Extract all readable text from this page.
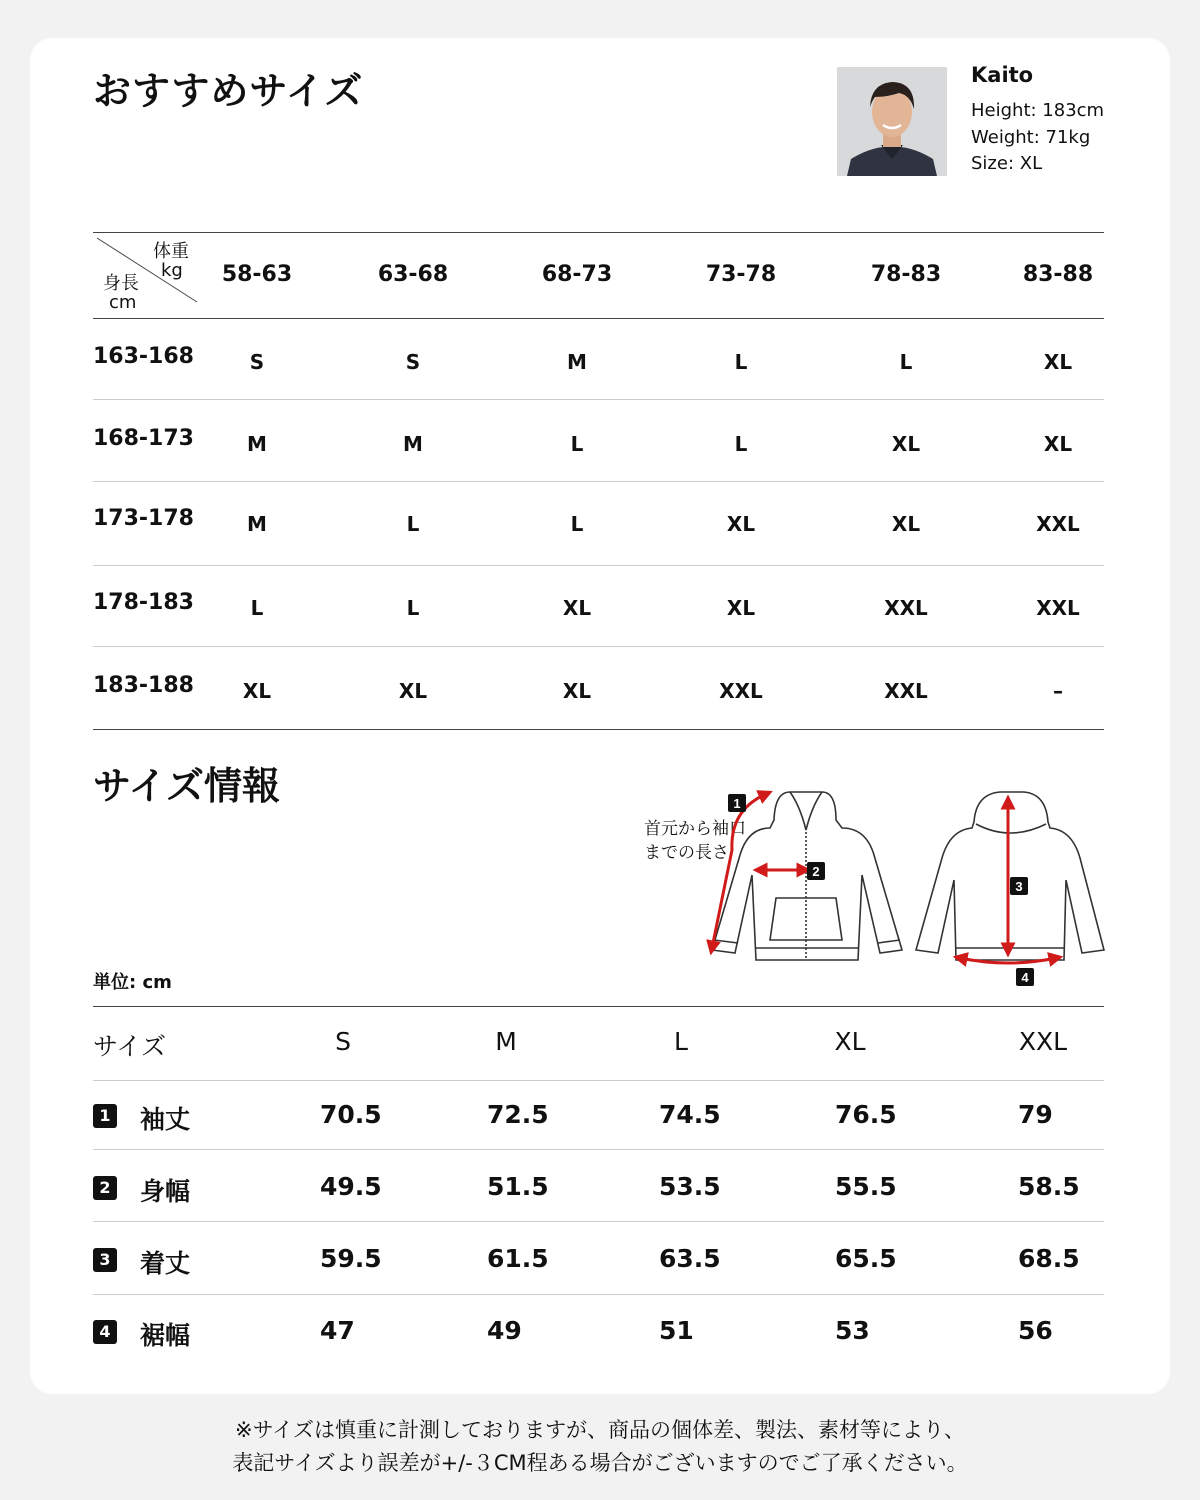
おすすめサイズ	Kaito
Height: 183cm
Weight: 71kg
Size: XL
体重
kg
身長
cm
58-63	63-68	68-73	73-78	78-83	83-88
163-168	S	S	M	L	L	XL
168-173	M	M	L	L	XL	XL
173-178	M	L	L	XL	XL	XXL
178-183	L	L	XL	XL	XXL	XXL
183-188 XL	XL	XL	XXL	XXL	–
サイズ情報
単位: cm
首元から袖口
までの長さ
1
2
3
4
サイズ	S	M	L	XL	XXL
1 袖丈	70.5	72.5	74.5	76.5	79
2 身幅	49.5	51.5	53.5	55.5	58.5
3 着丈	59.5	61.5	63.5	65.5	68.5
4 裾幅	47	49	51	53	56
※サイズは慎重に計測しておりますが、商品の個体差、製法、素材等により、
表記サイズより誤差が+/-３CM程ある場合がございますのでご了承ください。
